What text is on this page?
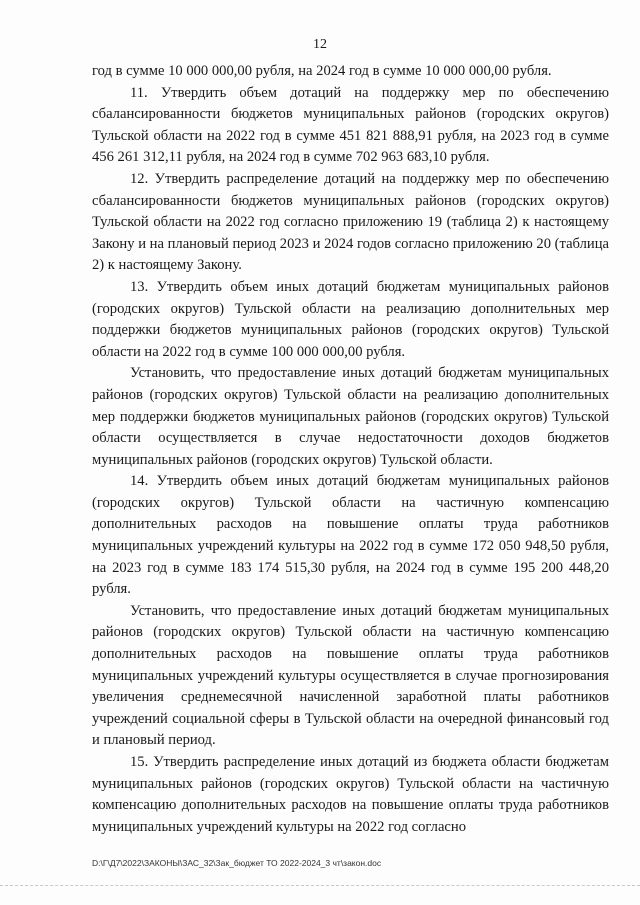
12

год в сумме 10 000 000,00 рубля, на 2024 год в сумме 10 000 000,00 рубля.

11. Утвердить объем дотаций на поддержку мер по обеспечению сбалансированности бюджетов муниципальных районов (городских округов) Тульской области на 2022 год в сумме 451 821 888,91 рубля, на 2023 год в сумме 456 261 312,11 рубля, на 2024 год в сумме 702 963 683,10 рубля.

12. Утвердить распределение дотаций на поддержку мер по обеспечению сбалансированности бюджетов муниципальных районов (городских округов) Тульской области на 2022 год согласно приложению 19 (таблица 2) к настоящему Закону и на плановый период 2023 и 2024 годов согласно приложению 20 (таблица 2) к настоящему Закону.

13. Утвердить объем иных дотаций бюджетам муниципальных районов (городских округов) Тульской области на реализацию дополнительных мер поддержки бюджетов муниципальных районов (городских округов) Тульской области на 2022 год в сумме 100 000 000,00 рубля.

Установить, что предоставление иных дотаций бюджетам муниципальных районов (городских округов) Тульской области на реализацию дополнительных мер поддержки бюджетов муниципальных районов (городских округов) Тульской области осуществляется в случае недостаточности доходов бюджетов муниципальных районов (городских округов) Тульской области.

14. Утвердить объем иных дотаций бюджетам муниципальных районов (городских округов) Тульской области на частичную компенсацию дополнительных расходов на повышение оплаты труда работников муниципальных учреждений культуры на 2022 год в сумме 172 050 948,50 рубля, на 2023 год в сумме 183 174 515,30 рубля, на 2024 год в сумме 195 200 448,20 рубля.

Установить, что предоставление иных дотаций бюджетам муниципальных районов (городских округов) Тульской области на частичную компенсацию дополнительных расходов на повышение оплаты труда работников муниципальных учреждений культуры осуществляется в случае прогнозирования увеличения среднемесячной начисленной заработной платы работников учреждений социальной сферы в Тульской области на очередной финансовый год и плановый период.

15. Утвердить распределение иных дотаций из бюджета области бюджетам муниципальных районов (городских округов) Тульской области на частичную компенсацию дополнительных расходов на повышение оплаты труда работников муниципальных учреждений культуры на 2022 год согласно

D:\Г\Д7\2022\ЗАКОНЫ\ЗАС_32\Зак_бюджет ТО 2022-2024_3 чт\закон.doc
